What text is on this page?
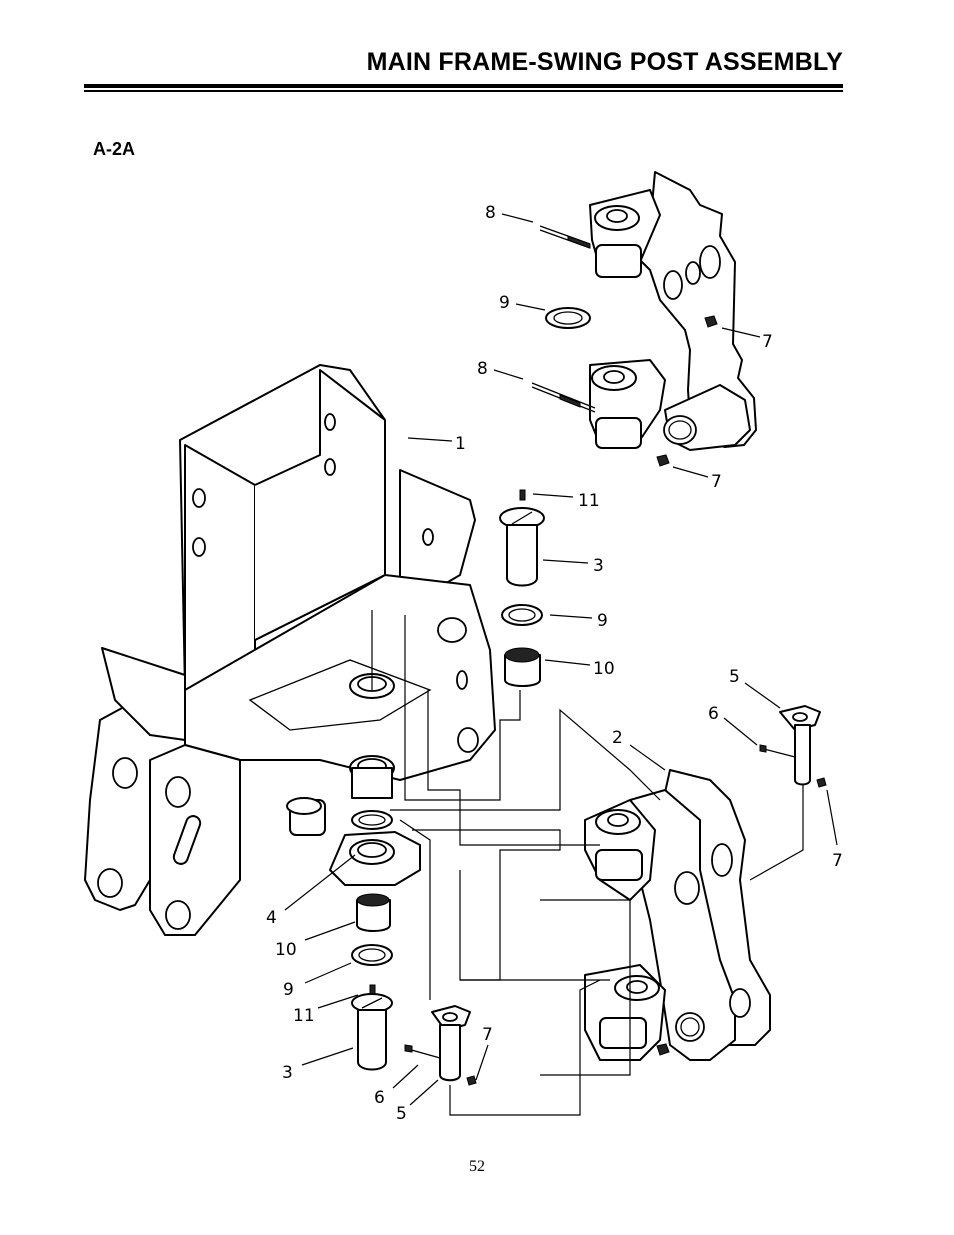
MAIN FRAME-SWING POST ASSEMBLY
A-2A
8
9
7
8
1
7
11
3
9
10	5
6
2
7
4
10
9
11
7
3
6
5
52
